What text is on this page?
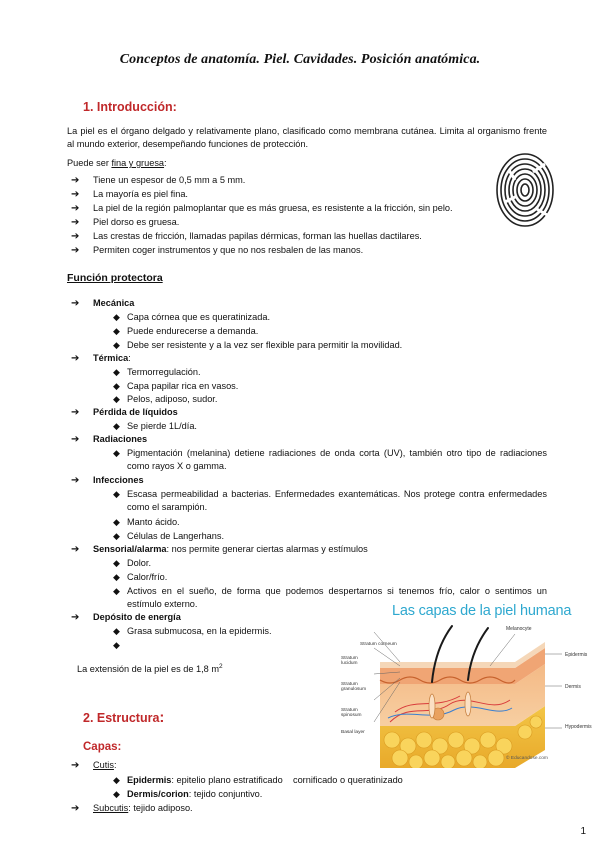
Conceptos de anatomía. Piel. Cavidades. Posición anatómica.
1. Introducción:
La piel es el órgano delgado y relativamente plano, clasificado como membrana cutánea. Limita al organismo frente al mundo exterior, desempeñando funciones de protección.
Puede ser fina y gruesa:
➔	Tiene un espesor de 0,5 mm a 5 mm.
➔	La mayoría es piel fina.
➔	La piel de la región palmoplantar que es más gruesa, es resistente a la fricción, sin pelo.
➔	Piel dorso es gruesa.
➔	Las crestas de fricción, llamadas papilas dérmicas, forman las huellas dactilares.
➔	Permiten coger instrumentos y que no nos resbalen de las manos.
Función protectora
➔	Mecánica
◆ Capa córnea que es queratinizada.
◆ Puede endurecerse a demanda.
◆ Debe ser resistente y a la vez ser flexible para permitir la movilidad.
➔	Térmica :
◆ Termorregulación.
◆ Capa papilar rica en vasos.
◆ Pelos, adiposo, sudor.
➔	Pérdida de líquidos
◆ Se pierde 1L/día.
➔	Radiaciones
◆ Pigmentación (melanina) detiene radiaciones de onda corta (UV), también otro tipo de radiaciones como rayos X o gamma.
➔	Infecciones
◆ Escasa permeabilidad a bacterias. Enfermedades exantemáticas. Nos protege contra enfermedades como el sarampión.
◆ Manto ácido.
◆ Células de Langerhans.
➔	Sensorial/alarma : nos permite generar ciertas alarmas y estímulos
◆ Dolor.
◆ Calor/frío.
◆ Activos en el sueño, de forma que podemos despertarnos si tenemos frío, calor o sentimos un estímulo externo.
➔	Depósito de energía
◆ Grasa submucosa, en la epidermis.
◆
La extensión de la piel es de 1,8 $m^2$
Las capas de la piel humana
Stratum corneum
Stratum lucidum
Stratum granulosum
Stratum spinosum
Basal layer
Melanocyte
Epidermis
Dermis
Hypodermis
© Educandose.com
2. Estructura:
Capas:
➔	Cutis :
◆ Epidermis : epitelio plano estratificado    cornificado o queratinizado
◆ Dermis/corion : tejido conjuntivo.
➔	Subcutis : tejido adiposo.
1
